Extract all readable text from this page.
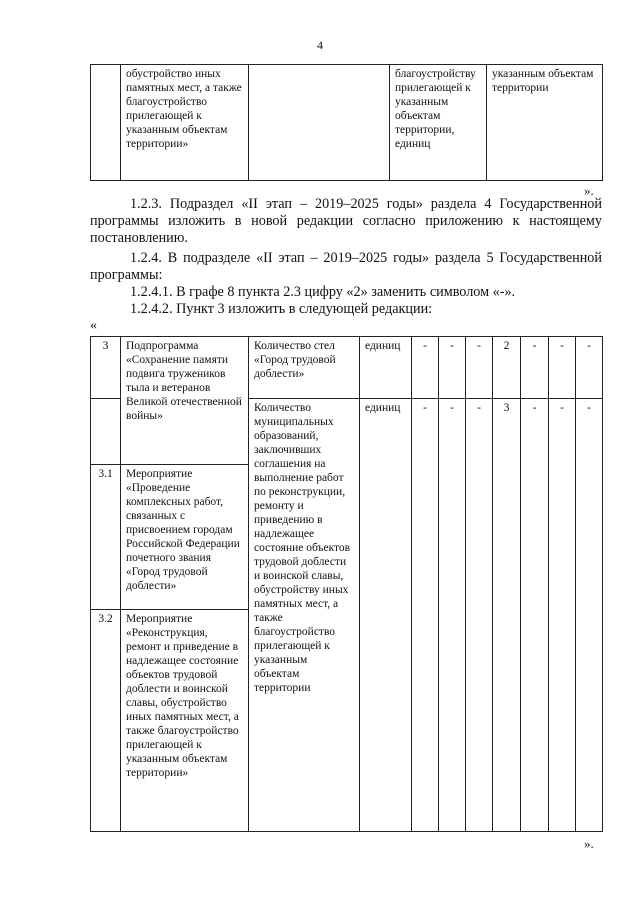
4
	обустройство иных памятных мест, а также благоустройство прилегающей к указанным объектам территории»		благоустройству прилегающей к указанным объектам территории, единиц	указанным объектам территории
».
1.2.3. Подраздел «II этап – 2019–2025 годы» раздела 4 Государственной программы изложить в новой редакции согласно приложению к настоящему постановлению.
1.2.4. В подразделе «II этап – 2019–2025 годы» раздела 5 Государственной программы:
1.2.4.1. В графе 8 пункта 2.3 цифру «2» заменить символом «-».
1.2.4.2. Пункт 3 изложить в следующей редакции:
«
3	Подпрограмма «Сохранение памяти подвига тружеников тыла и ветеранов Великой отечественной войны»	Количество стел «Город трудовой доблести»	единиц	-	-	-	2	-	-	-
		Количество муниципальных образований, заключивших соглашения на выполнение работ по реконструкции, ремонту и приведению в надлежащее состояние объектов трудовой доблести и воинской славы, обустройству иных памятных мест, а также благоустройство прилегающей к указанным объектам территории	единиц	-	-	-	3	-	-	-
3.1	Мероприятие «Проведение комплексных работ, связанных с присвоением городам Российской Федерации почетного звания «Город трудовой доблести»									
3.2	Мероприятие «Реконструкция, ремонт и приведение в надлежащее состояние объектов трудовой доблести и воинской славы, обустройство иных памятных мест, а также благоустройство прилегающей к указанным объектам территории»									
».
